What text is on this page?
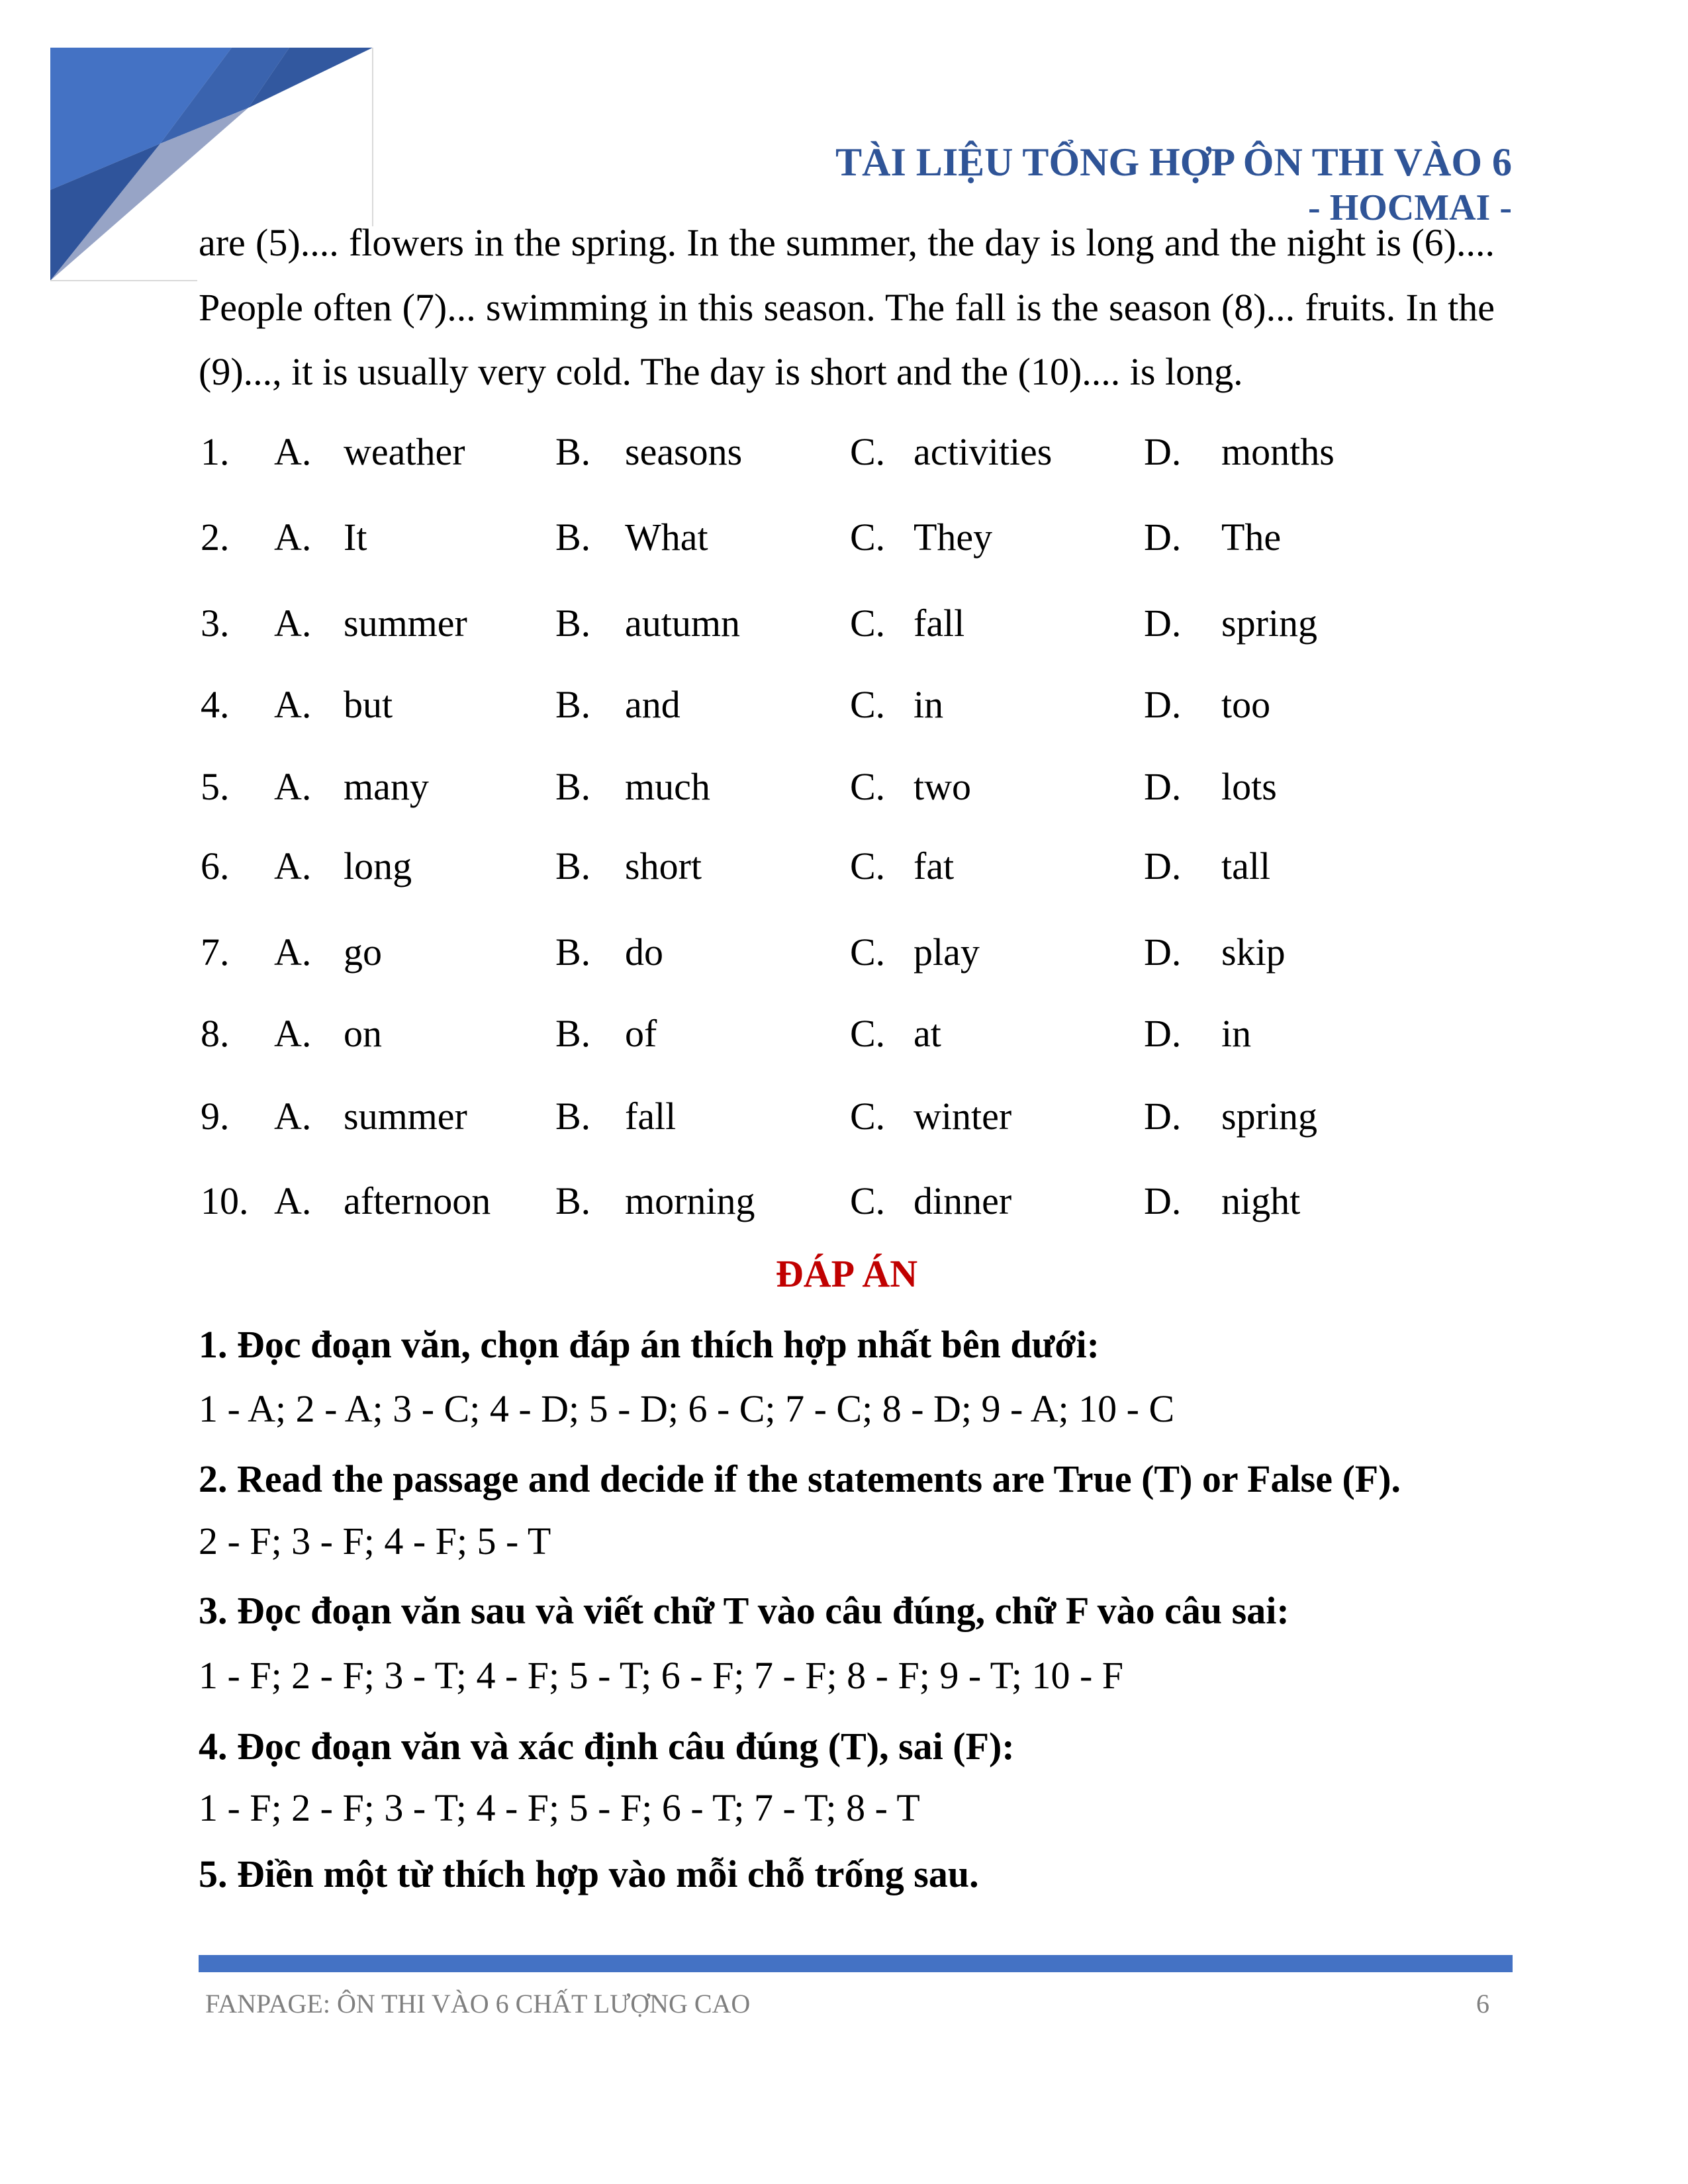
TÀI LIỆU TỔNG HỢP ÔN THI VÀO 6
- HOCMAI -
are (5).... flowers in the spring. In the summer, the day is long and the night is (6)....
People often (7)... swimming in this season. The fall is the season (8)... fruits. In the
(9)..., it is usually very cold. The day is short and the (10).... is long.
1. A. weather B. seasons	C. activities D. months
2. A. It	B. What	C. They	D. The
3. A. summer B. autumn	C. fall	D. spring
4. A. but	B. and	C. in	D. too
5. A. many	B. much	C. two	D. lots
6. A. long	B. short	C. fat	D. tall
7. A. go	B. do	C. play	D. skip
8. A. on	B. of	C. at	D. in
9. A. summer B. fall	C. winter	D. spring
10. A. afternoon B. morning C. dinner	D. night
ĐÁP ÁN
1. Đọc đoạn văn, chọn đáp án thích hợp nhất bên dưới:
1 - A; 2 - A; 3 - C; 4 - D; 5 - D; 6 - C; 7 - C; 8 - D; 9 - A; 10 - C
2. Read the passage and decide if the statements are True (T) or False (F).
2 - F; 3 - F; 4 - F; 5 - T
3. Đọc đoạn văn sau và viết chữ T vào câu đúng, chữ F vào câu sai:
1 - F; 2 - F; 3 - T; 4 - F; 5 - T; 6 - F; 7 - F; 8 - F; 9 - T; 10 - F
4. Đọc đoạn văn và xác định câu đúng (T), sai (F):
1 - F; 2 - F; 3 - T; 4 - F; 5 - F; 6 - T; 7 - T; 8 - T
5. Điền một từ thích hợp vào mỗi chỗ trống sau.
FANPAGE: ÔN THI VÀO 6 CHẤT LƯỢNG CAO	6
